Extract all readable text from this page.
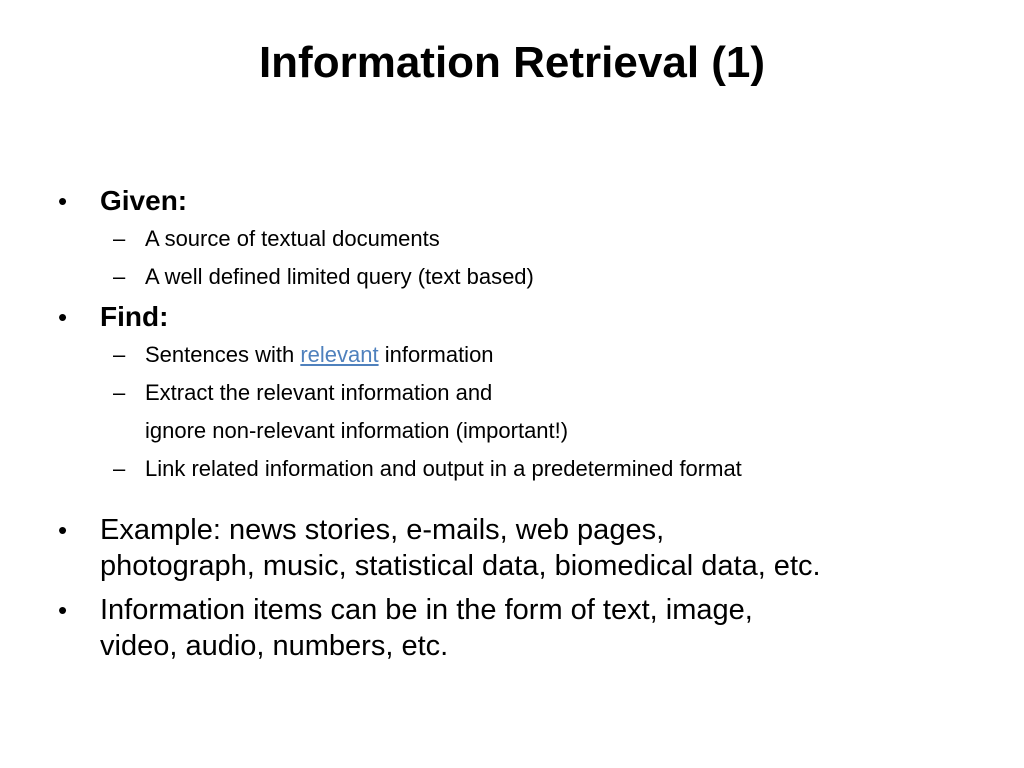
Information Retrieval (1)
•	Given:
– A source of textual documents
– A well defined limited query (text based)
•	Find:
– Sentences with relevant information
– Extract the relevant information and
ignore non-relevant information (important!)
– Link related information and output in a predetermined format
•	Example: news stories, e-mails, web pages,
photograph, music, statistical data, biomedical data, etc.
•	Information items can be in the form of text, image,
video, audio, numbers, etc.
